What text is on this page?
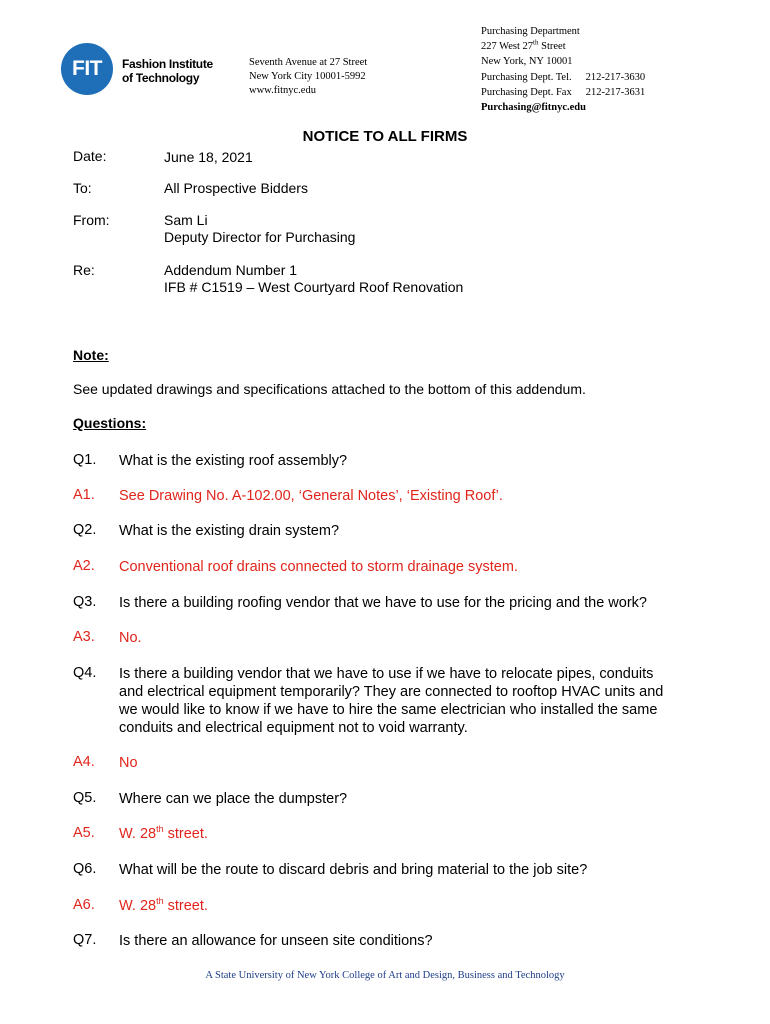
FIT Fashion Institute
of Technology
Seventh Avenue at 27 Street
New York City 10001-5992
www.fitnyc.edu
Purchasing Department
227 West 27th Street
New York, NY 10001
Purchasing Dept. Tel. 212-217-3630
Purchasing Dept. Fax 212-217-3631
Purchasing@fitnyc.edu
NOTICE TO ALL FIRMS
Date:	June 18, 2021
To:	All Prospective Bidders
From:	Sam Li
Deputy Director for Purchasing
Re:	Addendum Number 1
IFB # C1519 – West Courtyard Roof Renovation
Note:
See updated drawings and specifications attached to the bottom of this addendum.
Questions:
Q1. What is the existing roof assembly?
A1. See Drawing No. A-102.00, ‘General Notes’, ‘Existing Roof’.
Q2. What is the existing drain system?
A2. Conventional roof drains connected to storm drainage system.
Q3. Is there a building roofing vendor that we have to use for the pricing and the work?
A3. No.
Q4. Is there a building vendor that we have to use if we have to relocate pipes, conduits
and electrical equipment temporarily? They are connected to rooftop HVAC units and
we would like to know if we have to hire the same electrician who installed the same
conduits and electrical equipment not to void warranty.
A4. No
Q5. Where can we place the dumpster?
A5. W. 28th street.
Q6. What will be the route to discard debris and bring material to the job site?
A6. W. 28th street.
Q7. Is there an allowance for unseen site conditions?
A State University of New York College of Art and Design, Business and Technology
